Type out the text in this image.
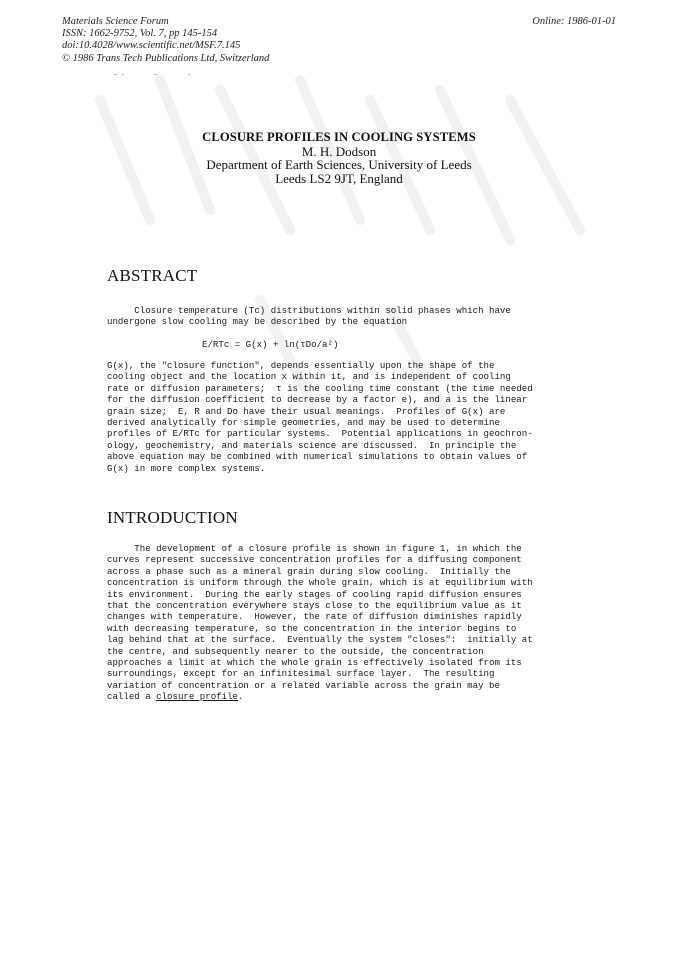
Materials Science Forum
ISSN: 1662-9752, Vol. 7, pp 145-154
doi:10.4028/www.scientific.net/MSF.7.145
© 1986 Trans Tech Publications Ltd, Switzerland
Online: 1986-01-01
CLOSURE PROFILES IN COOLING SYSTEMS
M. H. Dodson
Department of Earth Sciences, University of Leeds
Leeds LS2 9JT, England
ABSTRACT
Closure temperature (Tc) distributions within solid phases which have
undergone slow cooling may be described by the equation
E/RTc = G(x) + ln(τDo/a²)
G(x), the "closure function", depends essentially upon the shape of the
cooling object and the location x within it, and is independent of cooling
rate or diffusion parameters;  τ is the cooling time constant (the time needed
for the diffusion coefficient to decrease by a factor e), and a is the linear
grain size;  E, R and Do have their usual meanings.  Profiles of G(x) are
derived analytically for simple geometries, and may be used to determine
profiles of E/RTc for particular systems.  Potential applications in geochron-
ology, geochemistry, and materials science are discussed.  In principle the
above equation may be combined with numerical simulations to obtain values of
G(x) in more complex systems.
INTRODUCTION
The development of a closure profile is shown in figure 1, in which the
curves represent successive concentration profiles for a diffusing component
across a phase such as a mineral grain during slow cooling.  Initially the
concentration is uniform through the whole grain, which is at equilibrium with
its environment.  During the early stages of cooling rapid diffusion ensures
that the concentration everywhere stays close to the equilibrium value as it
changes with temperature.  However, the rate of diffusion diminishes rapidly
with decreasing temperature, so the concentration in the interior begins to
lag behind that at the surface.  Eventually the system "closes":  initially at
the centre, and subsequently nearer to the outside, the concentration
approaches a limit at which the whole grain is effectively isolated from its
surroundings, except for an infinitesimal surface layer.  The resulting
variation of concentration or a related variable across the grain may be
called a closure profile.
